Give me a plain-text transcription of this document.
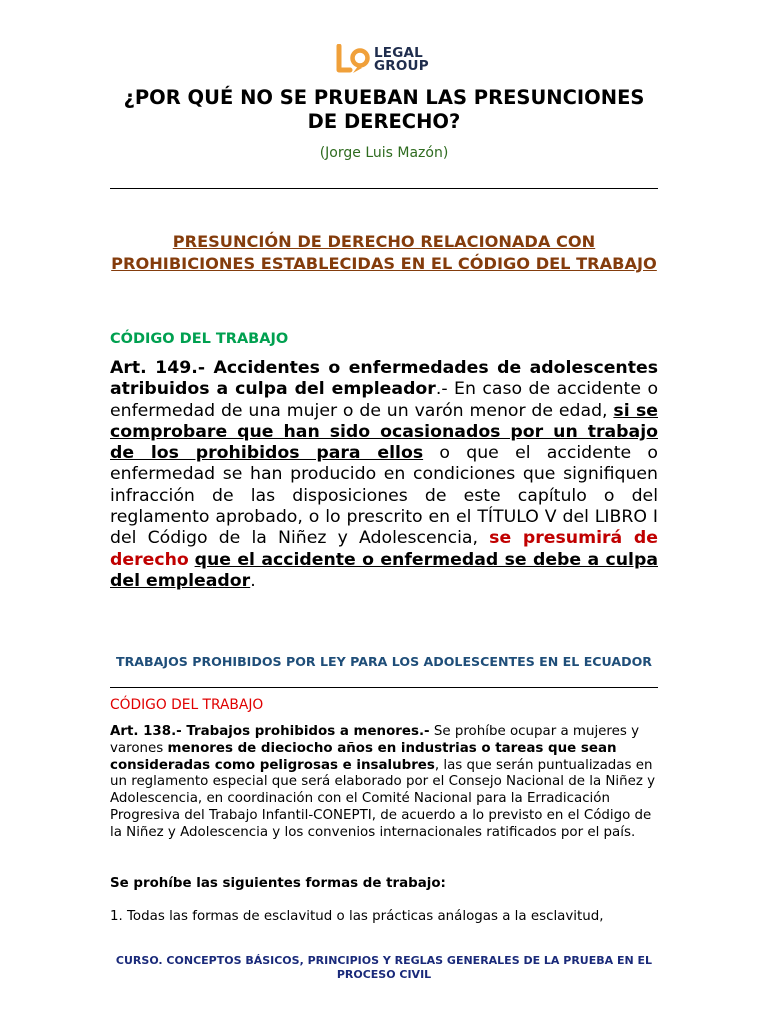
LEGAL
GROUP
¿POR QUÉ NO SE PRUEBAN LAS PRESUNCIONES DE DERECHO?
(Jorge Luis Mazón)
PRESUNCIÓN DE DERECHO RELACIONADA CON PROHIBICIONES ESTABLECIDAS EN EL CÓDIGO DEL TRABAJO
CÓDIGO DEL TRABAJO
Art. 149.- Accidentes o enfermedades de adolescentes atribuidos a culpa del empleador.- En caso de accidente o enfermedad de una mujer o de un varón menor de edad, si se comprobare que han sido ocasionados por un trabajo de los prohibidos para ellos o que el accidente o enfermedad se han producido en condiciones que signifiquen infracción de las disposiciones de este capítulo o del reglamento aprobado, o lo prescrito en el TÍTULO V del LIBRO I del Código de la Niñez y Adolescencia, se presumirá de derecho que el accidente o enfermedad se debe a culpa del empleador.
TRABAJOS PROHIBIDOS POR LEY PARA LOS ADOLESCENTES EN EL ECUADOR
CÓDIGO DEL TRABAJO
Art. 138.- Trabajos prohibidos a menores.- Se prohíbe ocupar a mujeres y varones menores de dieciocho años en industrias o tareas que sean consideradas como peligrosas e insalubres, las que serán puntualizadas en un reglamento especial que será elaborado por el Consejo Nacional de la Niñez y Adolescencia, en coordinación con el Comité Nacional para la Erradicación Progresiva del Trabajo Infantil-CONEPTI, de acuerdo a lo previsto en el Código de la Niñez y Adolescencia y los convenios internacionales ratificados por el país.
Se prohíbe las siguientes formas de trabajo:
1. Todas las formas de esclavitud o las prácticas análogas a la esclavitud,
CURSO. CONCEPTOS BÁSICOS, PRINCIPIOS Y REGLAS GENERALES DE LA PRUEBA EN EL PROCESO CIVIL
